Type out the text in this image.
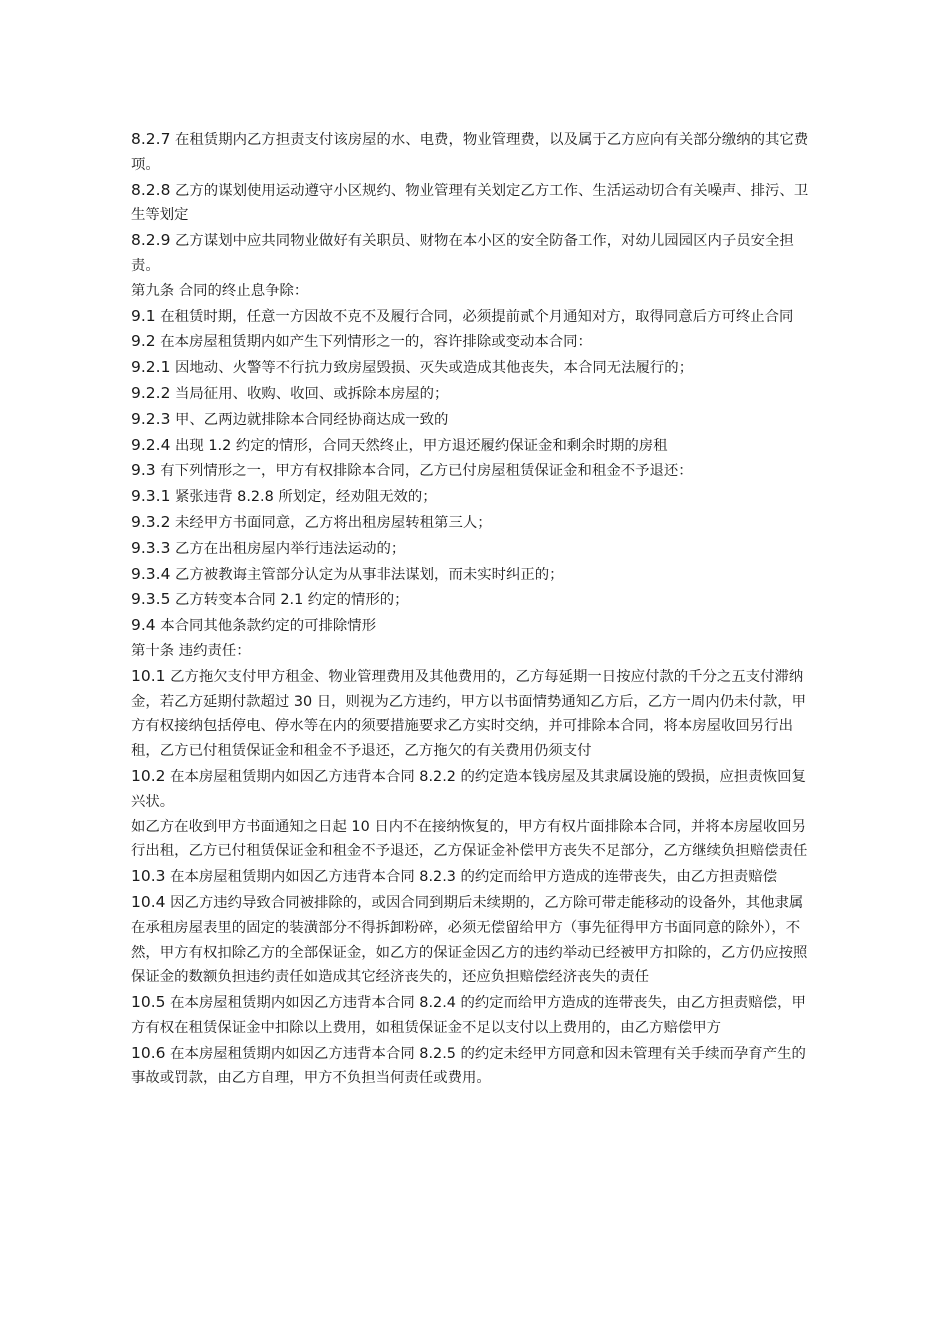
8.2.7 在租赁期内乙方担责支付该房屋的水、电费，物业管理费，以及属于乙方应向有关部分缴纳的其它费项。

8.2.8 乙方的谋划使用运动遵守小区规约、物业管理有关划定乙方工作、生活运动切合有关噪声、排污、卫生等划定

8.2.9 乙方谋划中应共同物业做好有关职员、财物在本小区的安全防备工作，对幼儿园园区内子员安全担责。

第九条 合同的终止息争除：

9.1 在租赁时期，任意一方因故不克不及履行合同，必须提前贰个月通知对方，取得同意后方可终止合同

9.2 在本房屋租赁期内如产生下列情形之一的，容许排除或变动本合同：

9.2.1 因地动、火警等不行抗力致房屋毁损、灭失或造成其他丧失，本合同无法履行的；

9.2.2 当局征用、收购、收回、或拆除本房屋的；

9.2.3 甲、乙两边就排除本合同经协商达成一致的

9.2.4 出现 1.2 约定的情形，合同天然终止，甲方退还履约保证金和剩余时期的房租

9.3 有下列情形之一，甲方有权排除本合同，乙方已付房屋租赁保证金和租金不予退还：

9.3.1 紧张违背 8.2.8 所划定，经劝阻无效的；

9.3.2 未经甲方书面同意，乙方将出租房屋转租第三人；

9.3.3 乙方在出租房屋内举行违法运动的；

9.3.4 乙方被教诲主管部分认定为从事非法谋划，而未实时纠正的；

9.3.5 乙方转变本合同 2.1 约定的情形的；

9.4 本合同其他条款约定的可排除情形

第十条 违约责任：

10.1 乙方拖欠支付甲方租金、物业管理费用及其他费用的，乙方每延期一日按应付款的千分之五支付滞纳金，若乙方延期付款超过 30 日，则视为乙方违约，甲方以书面情势通知乙方后，乙方一周内仍未付款，甲方有权接纳包括停电、停水等在内的须要措施要求乙方实时交纳，并可排除本合同，将本房屋收回另行出租，乙方已付租赁保证金和租金不予退还，乙方拖欠的有关费用仍须支付

10.2 在本房屋租赁期内如因乙方违背本合同 8.2.2 的约定造本钱房屋及其隶属设施的毁损，应担责恢回复兴状。

如乙方在收到甲方书面通知之日起 10 日内不在接纳恢复的，甲方有权片面排除本合同，并将本房屋收回另行出租，乙方已付租赁保证金和租金不予退还，乙方保证金补偿甲方丧失不足部分，乙方继续负担赔偿责任

10.3 在本房屋租赁期内如因乙方违背本合同 8.2.3 的约定而给甲方造成的连带丧失，由乙方担责赔偿

10.4 因乙方违约导致合同被排除的，或因合同到期后未续期的，乙方除可带走能移动的设备外，其他隶属在承租房屋表里的固定的装潢部分不得拆卸粉碎，必须无偿留给甲方（事先征得甲方书面同意的除外），不然，甲方有权扣除乙方的全部保证金，如乙方的保证金因乙方的违约举动已经被甲方扣除的，乙方仍应按照保证金的数额负担违约责任如造成其它经济丧失的，还应负担赔偿经济丧失的责任

10.5 在本房屋租赁期内如因乙方违背本合同 8.2.4 的约定而给甲方造成的连带丧失，由乙方担责赔偿，甲方有权在租赁保证金中扣除以上费用，如租赁保证金不足以支付以上费用的，由乙方赔偿甲方

10.6 在本房屋租赁期内如因乙方违背本合同 8.2.5 的约定未经甲方同意和因未管理有关手续而孕育产生的事故或罚款，由乙方自理，甲方不负担当何责任或费用。
